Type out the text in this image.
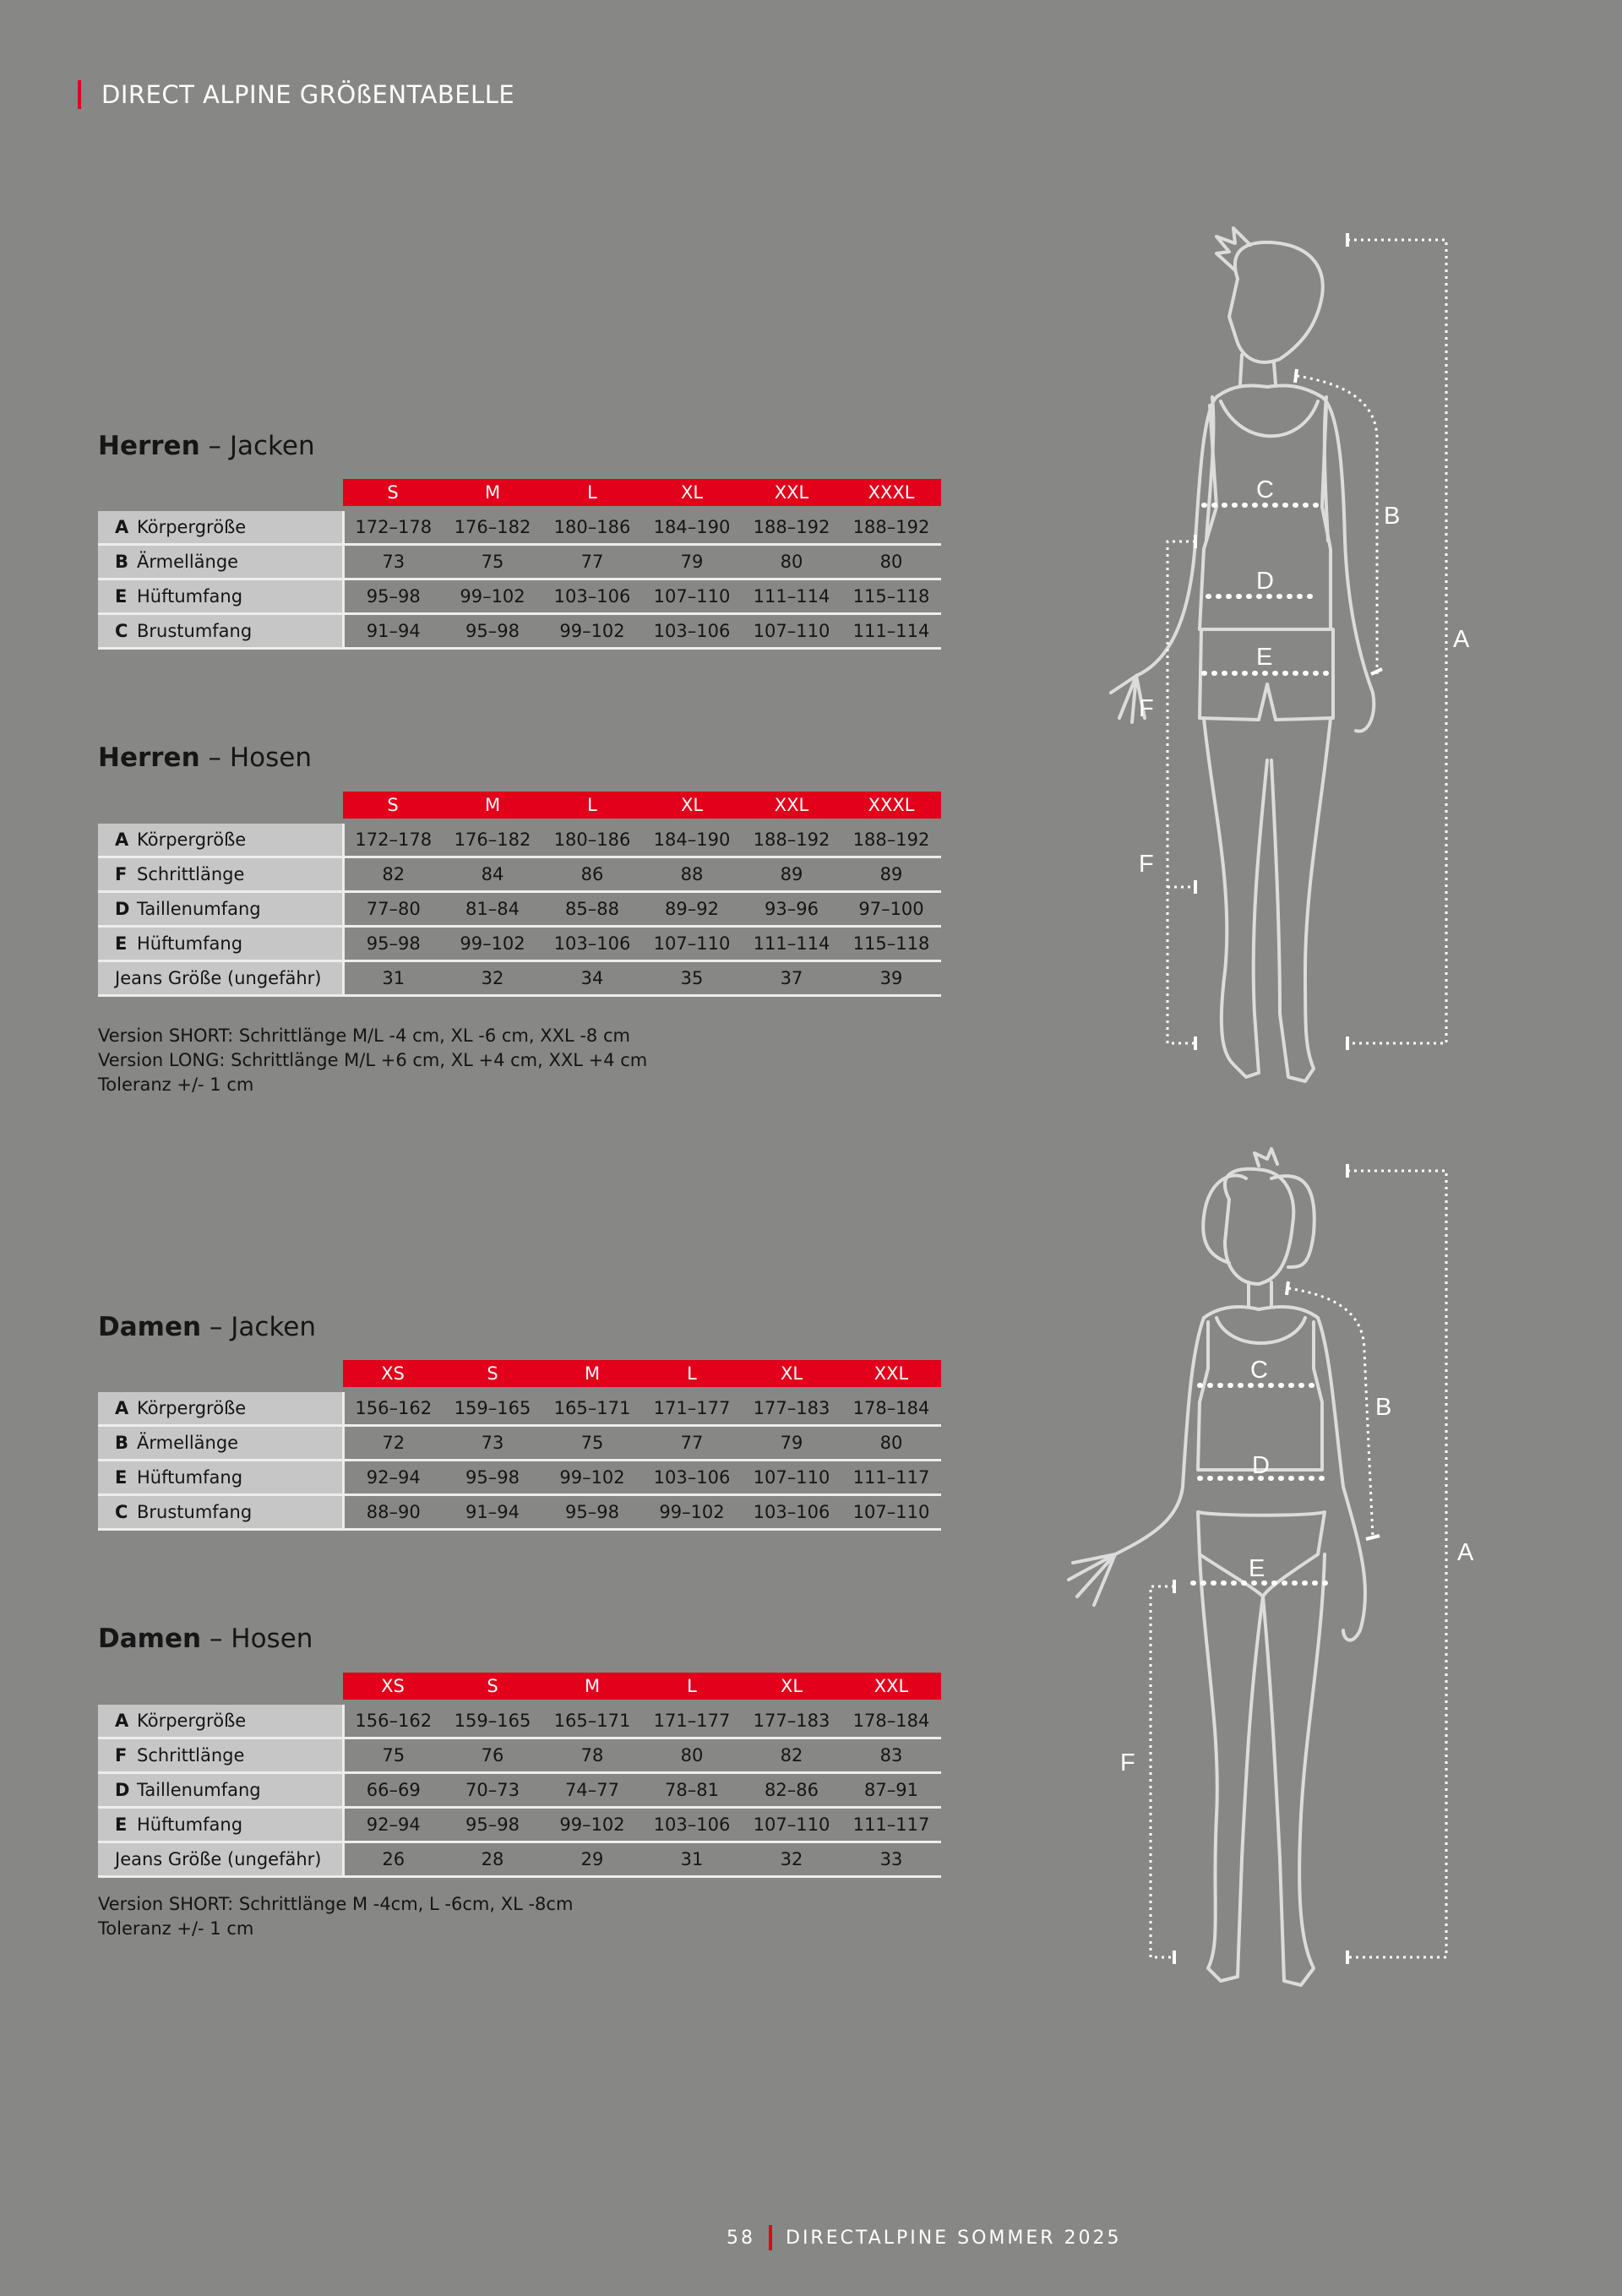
DIRECT ALPINE GRÖßENTABELLE
Herren – Jacken
Herren – Hosen
Damen – Jacken
Damen – Hosen
	S	M	L	XL	XXL	XXXL

A Körpergröße	172–178	176–182	180–186	184–190	188–192	188–192
B Ärmellänge	73	75	77	79	80	80
E Hüftumfang	95–98	99–102	103–106	107–110	111–114	115–118
C Brustumfang	91–94	95–98	99–102	103–106	107–110	111–114
	S	M	L	XL	XXL	XXXL

A Körpergröße	172–178	176–182	180–186	184–190	188–192	188–192
F Schrittlänge	82	84	86	88	89	89
D Taillenumfang	77–80	81–84	85–88	89–92	93–96	97–100
E Hüftumfang	95–98	99–102	103–106	107–110	111–114	115–118
Jeans Größe (ungefähr)	31	32	34	35	37	39
	XS	S	M	L	XL	XXL

A Körpergröße	156–162	159–165	165–171	171–177	177–183	178–184
B Ärmellänge	72	73	75	77	79	80
E Hüftumfang	92–94	95–98	99–102	103–106	107–110	111–117
C Brustumfang	88–90	91–94	95–98	99–102	103–106	107–110
	XS	S	M	L	XL	XXL

A Körpergröße	156–162	159–165	165–171	171–177	177–183	178–184
F Schrittlänge	75	76	78	80	82	83
D Taillenumfang	66–69	70–73	74–77	78–81	82–86	87–91
E Hüftumfang	92–94	95–98	99–102	103–106	107–110	111–117
Jeans Größe (ungefähr)	26	28	29	31	32	33
Version SHORT: Schrittlänge M/L -4 cm, XL -6 cm, XXL -8 cm
Version LONG: Schrittlänge M/L +6 cm, XL +4 cm, XXL +4 cm
Toleranz +/- 1 cm
Version SHORT: Schrittlänge M -4cm, L -6cm, XL -8cm
Toleranz +/- 1 cm
C
B
D
A
E
F
F
C
B
D
A
E
F
58 DIRECTALPINE SOMMER 2025
